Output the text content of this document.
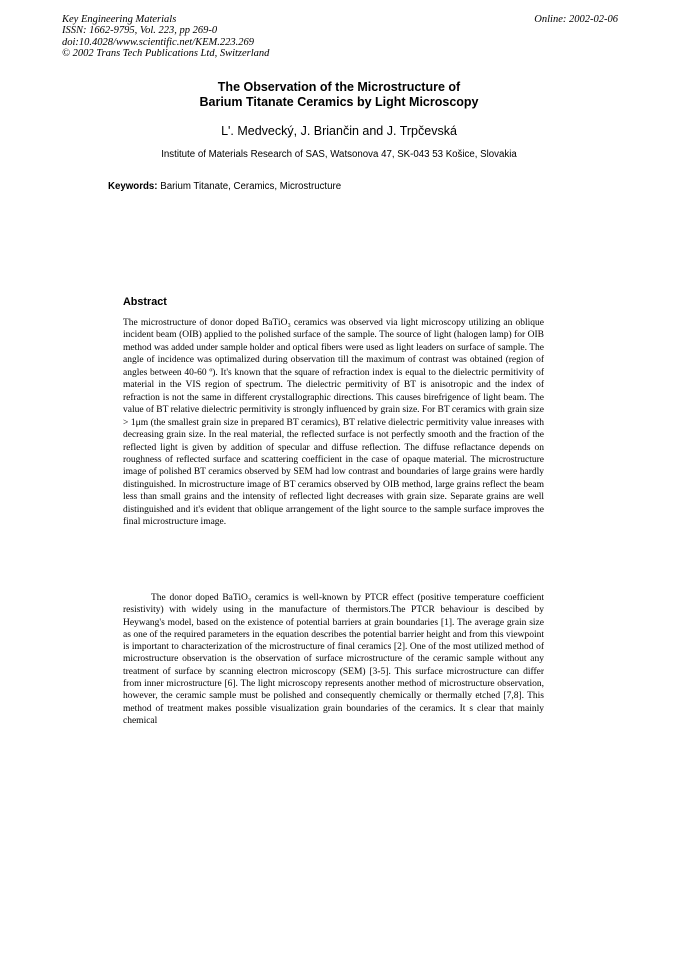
Key Engineering Materials
ISSN: 1662-9795, Vol. 223, pp 269-0
doi:10.4028/www.scientific.net/KEM.223.269
© 2002 Trans Tech Publications Ltd, Switzerland
Online: 2002-02-06
The Observation of the Microstructure of
Barium Titanate Ceramics by Light Microscopy
L'. Medvecký, J. Briančin and J. Trpčevská
Institute of Materials Research of SAS, Watsonova 47, SK-043 53 Košice, Slovakia
Keywords: Barium Titanate, Ceramics, Microstructure
Abstract

The microstructure of donor doped BaTiO₃ ceramics was observed via light microscopy utilizing an oblique incident beam (OIB) applied to the polished surface of the sample. The source of light (halogen lamp) for OIB method was added under sample holder and optical fibers were used as light leaders on surface of sample. The angle of incidence was optimalized during observation till the maximum of contrast was obtained (region of angles between 40-60 º). It's known that the square of refraction index is equal to the dielectric permitivity of material in the VIS region of spectrum. The dielectric permitivity of BT is anisotropic and the index of refraction is not the same in different crystallographic directions. This causes birefrigence of light beam. The value of BT relative dielectric permitivity is strongly influenced by grain size. For BT ceramics with grain size > 1μm (the smallest grain size in prepared BT ceramics), BT relative dielectric permitivity value inreases with decreasing grain size. In the real material, the reflected surface is not perfectly smooth and the fraction of the reflected light is given by addition of specular and diffuse reflection. The diffuse reflactance depends on roughness of reflected surface and scattering coefficient in the case of opaque material. The microstructure image of polished BT ceramics observed by SEM had low contrast and boundaries of large grains were hardly distinguished. In microstructure image of BT ceramics observed by OIB method, large grains reflect the beam less than small grains and the intensity of reflected light decreases with grain size. Separate grains are well distinguished and it's evident that oblique arrangement of the light source to the sample surface improves the final microstructure image.

The donor doped BaTiO₃ ceramics is well-known by PTCR effect (positive temperature coefficient resistivity) with widely using in the manufacture of thermistors.The PTCR behaviour is descibed by Heywang's model, based on the existence of potential barriers at grain boundaries [1]. The average grain size as one of the required parameters in the equation describes the potential barrier height and from this viewpoint is important to characterization of the microstructure of final ceramics [2]. One of the most utilized method of microstructure observation is the observation of surface microstructure of the ceramic sample without any treatment of surface by scanning electron microscopy (SEM) [3-5]. This surface microstructure can differ from inner microstructure [6]. The light microscopy represents another method of microstructure observation, however, the ceramic sample must be polished and consequently chemically or thermally etched [7,8]. This method of treatment makes possible visualization grain boundaries of the ceramics. It s clear that mainly chemical
